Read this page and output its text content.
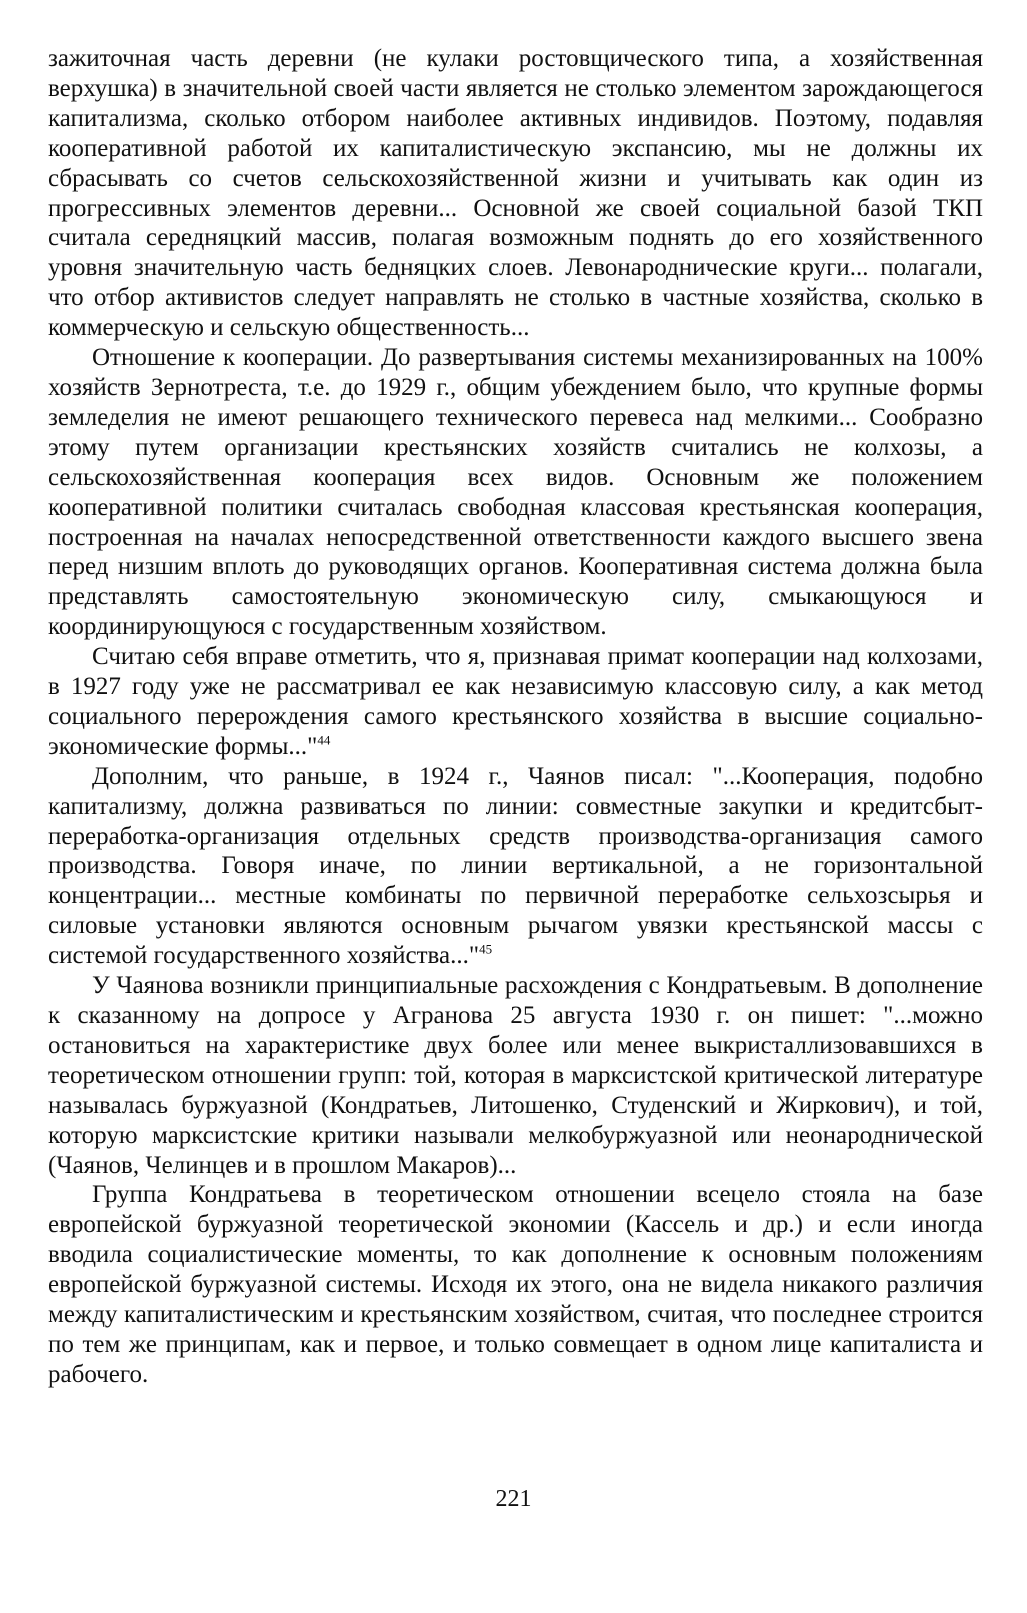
зажиточная часть деревни (не кулаки ростовщического типа, а хозяйственная верхушка) в значительной своей части является не столько элементом зарождающегося капитализма, сколько отбором наиболее активных индивидов. Поэтому, подавляя кооперативной работой их капиталистическую экспансию, мы не должны их сбрасывать со счетов сельскохозяйственной жизни и учитывать как один из прогрессивных элементов деревни... Основной же своей социальной базой ТКП считала середняцкий массив, полагая возможным поднять до его хозяйственного уровня значительную часть бедняцких слоев. Левонароднические круги... полагали, что отбор активистов следует направлять не столько в частные хозяйства, сколько в коммерческую и сельскую общественность...

Отношение к кооперации. До развертывания системы механизированных на 100% хозяйств Зернотреста, т.е. до 1929 г., общим убеждением было, что крупные формы земледелия не имеют решающего технического перевеса над мелкими... Сообразно этому путем организации крестьянских хозяйств считались не колхозы, а сельскохозяйственная кооперация всех видов. Основным же положением кооперативной политики считалась свободная классовая крестьянская кооперация, построенная на началах непосредственной ответственности каждого высшего звена перед низшим вплоть до руководящих органов. Кооперативная система должна была представлять самостоятельную экономическую силу, смыкающуюся и координирующуюся с государственным хозяйством.

Считаю себя вправе отметить, что я, признавая примат кооперации над колхозами, в 1927 году уже не рассматривал ее как независимую классовую силу, а как метод социального перерождения самого крестьянского хозяйства в высшие социально-экономические формы..."$^{44}$

Дополним, что раньше, в 1924 г., Чаянов писал: "...Кооперация, подобно капитализму, должна развиваться по линии: совместные закупки и кредитсбыт-переработка-организация отдельных средств производства-организация самого производства. Говоря иначе, по линии вертикальной, а не горизонтальной концентрации... местные комбинаты по первичной переработке сельхозсырья и силовые установки являются основным рычагом увязки крестьянской массы с системой государственного хозяйства..."$^{45}$

У Чаянова возникли принципиальные расхождения с Кондратьевым. В дополнение к сказанному на допросе у Агранова 25 августа 1930 г. он пишет: "...можно остановиться на характеристике двух более или менее выкристаллизовавшихся в теоретическом отношении групп: той, которая в марксистской критической литературе называлась буржуазной (Кондратьев, Литошенко, Студенский и Жиркович), и той, которую марксистские критики называли мелкобуржуазной или неонароднической (Чаянов, Челинцев и в прошлом Макаров)...

Группа Кондратьева в теоретическом отношении всецело стояла на базе европейской буржуазной теоретической экономии (Кассель и др.) и если иногда вводила социалистические моменты, то как дополнение к основным положениям европейской буржуазной системы. Исходя их этого, она не видела никакого различия между капиталистическим и крестьянским хозяйством, считая, что последнее строится по тем же принципам, как и первое, и только совмещает в одном лице капиталиста и рабочего.

221
